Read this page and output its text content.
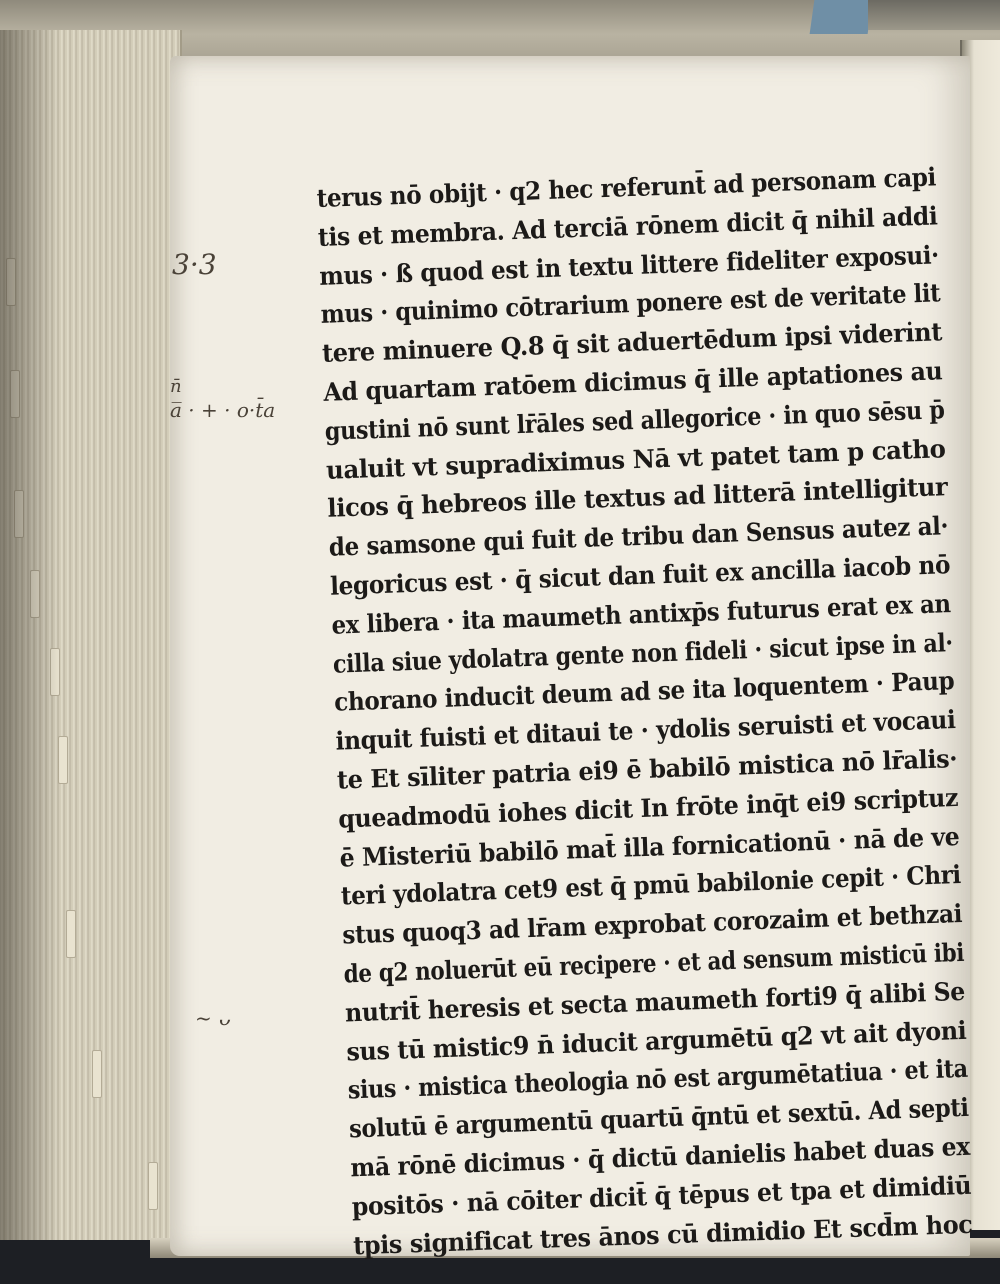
3·3
n̄
a̅ · + · o·t̄a
~ ᴗ
terus nō obijt · q2 hec referunt̄ ad personam capi
tis et membra. Ad terciā rōnem dicit q̄ nihil addi
mus · ß quod est in textu littere fideliter exposui·
mus · quinimo cōtrarium ponere est de veritate lit
tere minuere Q.8 q̄ sit aduertēdum ipsi videri̇nt
Ad quartam ratōem dicimus q̄ ille aptationes au
gustini nō sunt lr̄āles sed allegorice · in quo sēsu p̄
ualuit vt supradiximus Nā vt patet tam p catho
licos q̄ hebreos ille textus ad litterā intelligitur
de samsone qui fuit de tribu dan Sensus autez al·
legoricus est · q̄ sicut dan fuit ex ancilla iacob nō
ex libera · ita maumeth antixp̄s futurus erat ex an
cilla siue ydolatra gente non fideli · sicut ipse in al·
chorano inducit deum ad se ita loquentem · Paup
inquit fuisti et ditaui te · ydolis seruisti et vocaui
te Et sīliter patria ei9 ē babilō mistica nō lr̄alis·
queadmodū iohes dicit In frōte inq̄t ei9 scriptuz
ē Misteriū babilō mat̄ illa fornicationū · nā de ve
teri ydolatra cet9 est q̄ pmū babilonie cepit · Chri
stus quoq3 ad lr̄am exprobat corozaim et bethzai
de q2 noluerūt eū recipere · et ad sensum misticū ibi
nutrit̄ heresis et secta maumeth forti9 q̄ alibi Se
sus tū mistic9 n̄ iducit argumētū q2 vt ait dyoni
sius · mistica theologia nō est argumētatiua · et ita
solutū ē argumentū quartū q̄ntū et sextū. Ad septi
mā rōnē dicimus · q̄ dictū danielis habet duas ex
positōs · nā cōiter dicit̄ q̄ tēpus et tpa et dimidiū
tpis significat tres ānos cū dimidio Et scd̄m hoc
